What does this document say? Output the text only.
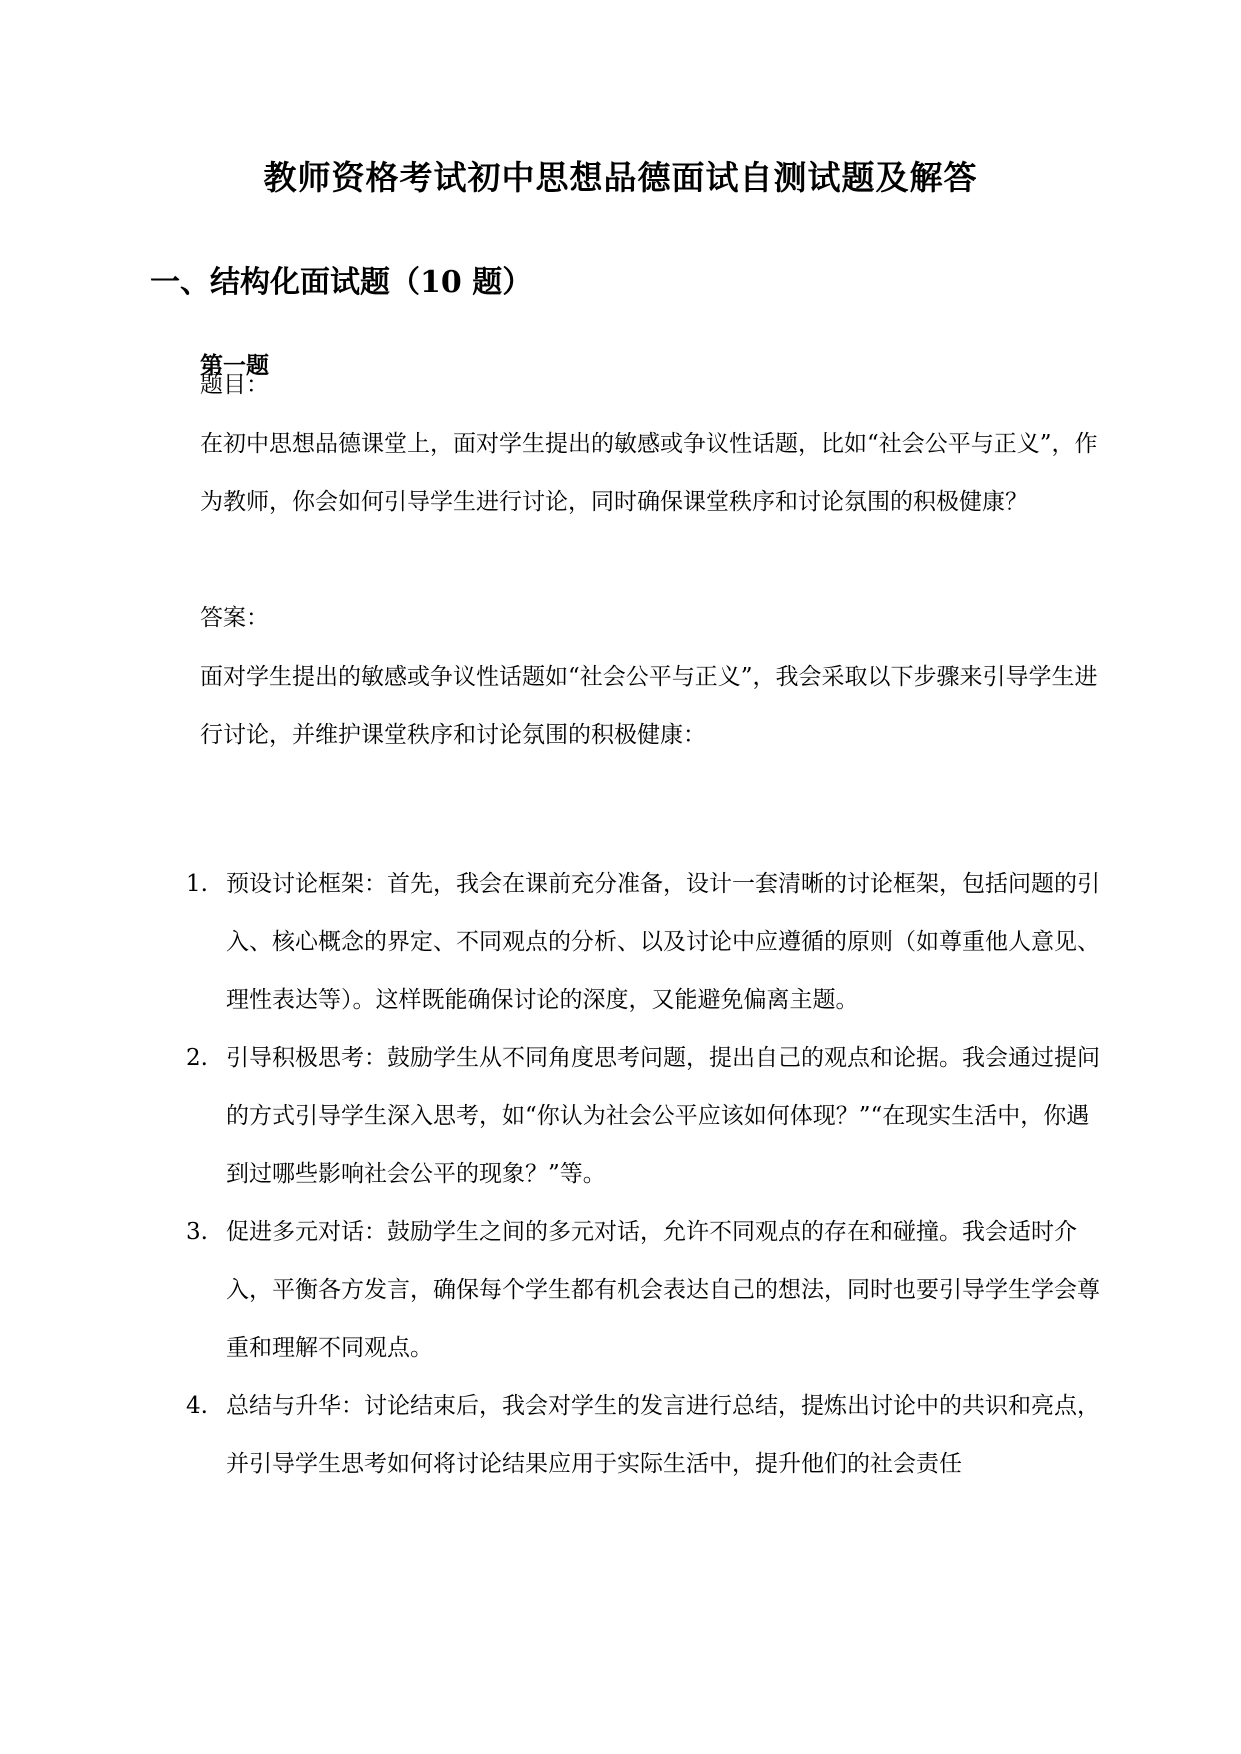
教师资格考试初中思想品德面试自测试题及解答
一、结构化面试题（10 题）
第一题

题目：

在初中思想品德课堂上，面对学生提出的敏感或争议性话题，比如“社会公平与正义”，作为教师，你会如何引导学生进行讨论，同时确保课堂秩序和讨论氛围的积极健康？

答案：

面对学生提出的敏感或争议性话题如“社会公平与正义”，我会采取以下步骤来引导学生进行讨论，并维护课堂秩序和讨论氛围的积极健康：

1. 预设讨论框架：首先，我会在课前充分准备，设计一套清晰的讨论框架，包括问题的引入、核心概念的界定、不同观点的分析、以及讨论中应遵循的原则（如尊重他人意见、理性表达等）。这样既能确保讨论的深度，又能避免偏离主题。
2. 引导积极思考：鼓励学生从不同角度思考问题，提出自己的观点和论据。我会通过提问的方式引导学生深入思考，如“你认为社会公平应该如何体现？”“在现实生活中，你遇到过哪些影响社会公平的现象？”等。
3. 促进多元对话：鼓励学生之间的多元对话，允许不同观点的存在和碰撞。我会适时介入，平衡各方发言，确保每个学生都有机会表达自己的想法，同时也要引导学生学会尊重和理解不同观点。
4. 总结与升华：讨论结束后，我会对学生的发言进行总结，提炼出讨论中的共识和亮点，并引导学生思考如何将讨论结果应用于实际生活中，提升他们的社会责任
